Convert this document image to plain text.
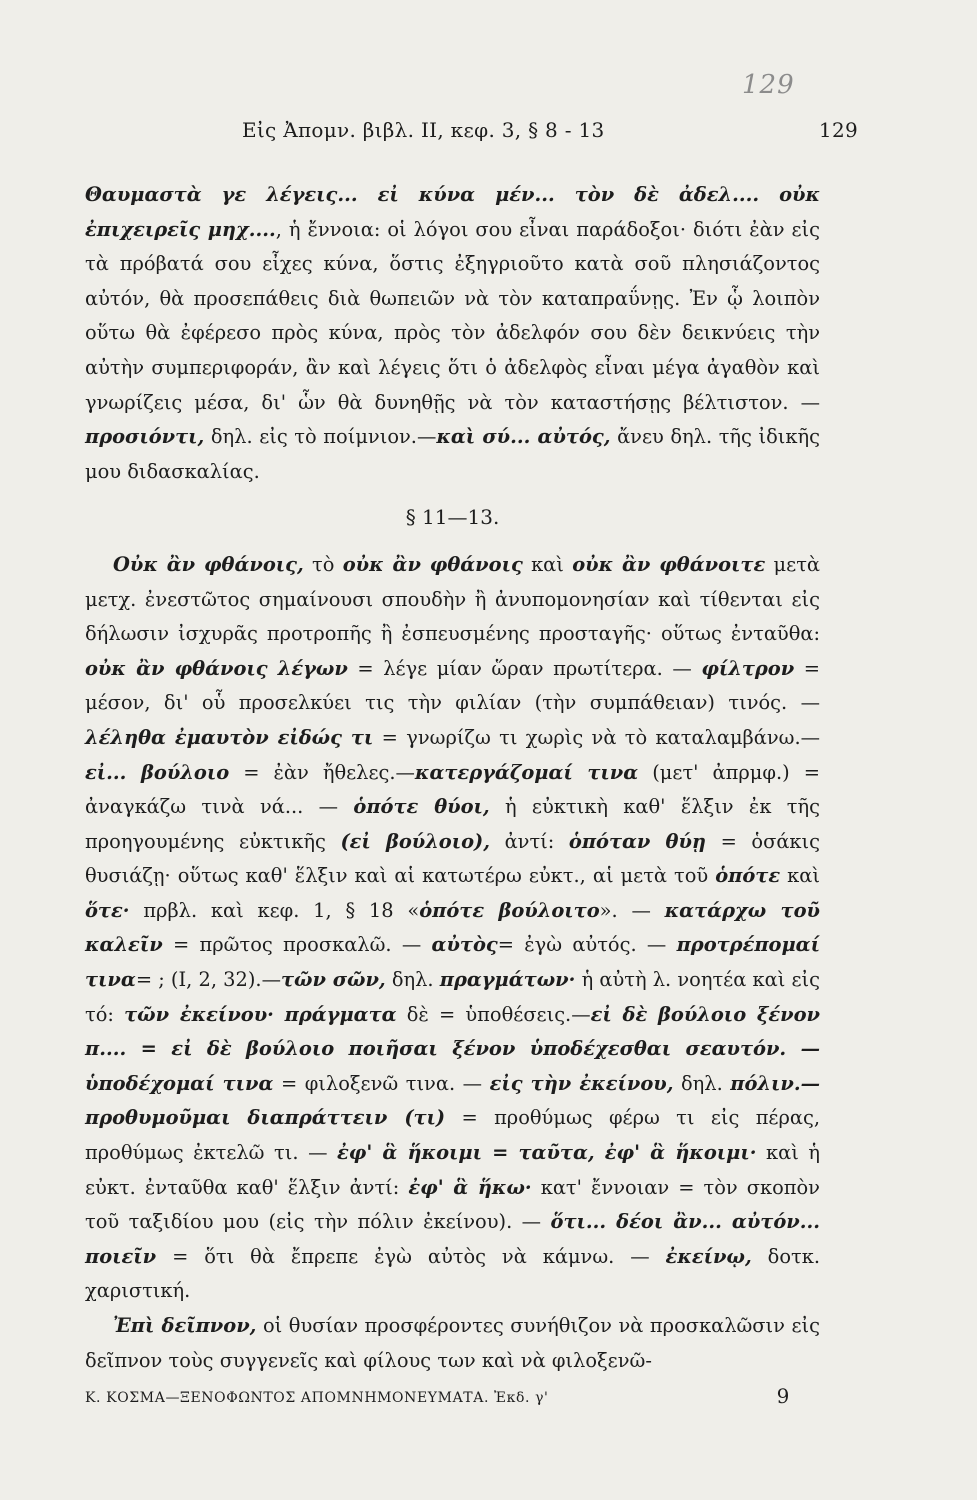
129
Εἰς Ἀπομν. βιβλ. II, κεφ. 3, § 8 - 13	129

Θαυμαστὰ γε λέγεις... εἰ κύνα μέν... τὸν δὲ ἀδελ.... οὐκ ἐπιχειρεῖς μηχ...., ἡ ἔννοια: οἱ λόγοι σου εἶναι παράδοξοι· διότι ἐὰν εἰς τὰ πρόβατά σου εἶχες κύνα, ὅστις ἐξηγριοῦτο κατὰ σοῦ πλησιάζοντος αὐτόν, θὰ προσεπάθεις διὰ θωπειῶν νὰ τὸν καταπραΰνῃς. Ἐν ᾧ λοιπὸν οὕτω θὰ ἐφέρεσο πρὸς κύνα, πρὸς τὸν ἀδελφόν σου δὲν δεικνύεις τὴν αὐτὴν συμπεριφοράν, ἂν καὶ λέγεις ὅτι ὁ ἀδελφὸς εἶναι μέγα ἀγαθὸν καὶ γνωρίζεις μέσα, δι' ὧν θὰ δυνηθῇς νὰ τὸν καταστήσῃς βέλτιστον. — προσιόντι, δηλ. εἰς τὸ ποίμνιον.—καὶ σύ... αὐτός, ἄνευ δηλ. τῆς ἰδικῆς μου διδασκαλίας.

§ 11—13.

Οὐκ ἂν φθάνοις, τὸ οὐκ ἂν φθάνοις καὶ οὐκ ἂν φθάνοιτε μετὰ μετχ. ἐνεστῶτος σημαίνουσι σπουδὴν ἢ ἀνυπομονησίαν καὶ τίθενται εἰς δήλωσιν ἰσχυρᾶς προτροπῆς ἢ ἐσπευσμένης προσταγῆς· οὕτως ἐνταῦθα: οὐκ ἂν φθάνοις λέγων = λέγε μίαν ὥραν πρωτίτερα. — φίλτρον = μέσον, δι' οὗ προσελκύει τις τὴν φιλίαν (τὴν συμπάθειαν) τινός. — λέληθα ἐμαυτὸν εἰδώς τι = γνωρίζω τι χωρὶς νὰ τὸ καταλαμβάνω.—εἰ... βούλοιο = ἐὰν ἤθελες.—κατεργάζομαί τινα (μετ' ἀπρμφ.) = ἀναγκάζω τινὰ νά... — ὁπότε θύοι, ἡ εὐκτικὴ καθ' ἕλξιν ἐκ τῆς προηγουμένης εὐκτικῆς (εἰ βούλοιο), ἀντί: ὁπόταν θύῃ = ὁσάκις θυσιάζῃ· οὕτως καθ' ἕλξιν καὶ αἱ κατωτέρω εὐκτ., αἱ μετὰ τοῦ ὁπότε καὶ ὅτε· πρβλ. καὶ κεφ. 1, § 18 «ὁπότε βούλοιτο». — κατάρχω τοῦ καλεῖν = πρῶτος προσκαλῶ. — αὐτὸς= ἐγὼ αὐτός. — προτρέπομαί τινα= ; (I, 2, 32).—τῶν σῶν, δηλ. πραγμάτων· ἡ αὐτὴ λ. νοητέα καὶ εἰς τό: τῶν ἐκείνου· πράγματα δὲ = ὑποθέσεις.—εἰ δὲ βούλοιο ξένον π.... = εἰ δὲ βούλοιο ποιῆσαι ξένον ὑποδέχεσθαι σεαυτόν. —ὑποδέχομαί τινα = φιλοξενῶ τινα. — εἰς τὴν ἐκείνου, δηλ. πόλιν.—προθυμοῦμαι διαπράττειν (τι) = προθύμως φέρω τι εἰς πέρας, προθύμως ἐκτελῶ τι. — ἐφ' ἃ ἥκοιμι = ταῦτα, ἐφ' ἃ ἥκοιμι· καὶ ἡ εὐκτ. ἐνταῦθα καθ' ἕλξιν ἀντί: ἐφ' ἃ ἥκω· κατ' ἔννοιαν = τὸν σκοπὸν τοῦ ταξιδίου μου (εἰς τὴν πόλιν ἐκείνου). — ὅτι... δέοι ἂν... αὐτόν... ποιεῖν = ὅτι θὰ ἔπρεπε ἐγὼ αὐτὸς νὰ κάμνω. — ἐκείνῳ, δοτκ. χαριστική.

Ἐπὶ δεῖπνον, οἱ θυσίαν προσφέροντες συνήθιζον νὰ προσκαλῶσιν εἰς δεῖπνον τοὺς συγγενεῖς καὶ φίλους των καὶ νὰ φιλοξενῶ-

Κ. ΚΟΣΜΑ—ΞΕΝΟΦΩΝΤΟΣ ΑΠΟΜΝΗΜΟΝΕΥΜΑΤΑ. Ἐκδ. γ'	9
